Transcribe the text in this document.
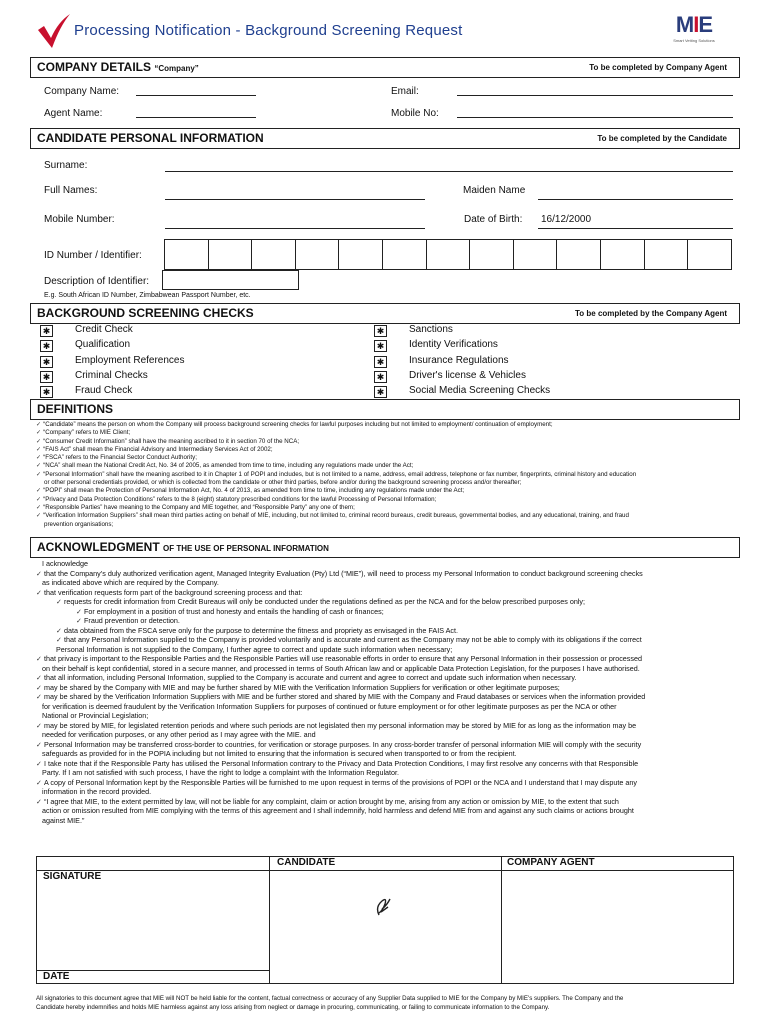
Processing Notification - Background Screening Request	MIE
Smart Vetting Solutions
COMPANY DETAILS “Company”	To be completed by Company Agent
Company Name:	Email:
Agent Name:	Mobile No:
CANDIDATE PERSONAL INFORMATION	To be completed by the Candidate
Surname:
Full Names:	Maiden Name
Mobile Number:	Date of Birth: 16/12/2000
ID Number / Identifier:
Description of Identifier:
E.g. South African ID Number, Zimbabwean Passport Number, etc.
BACKGROUND SCREENING CHECKS	To be completed by the Company Agent
✱ Credit Check
✱ Qualification
✱ Employment References
✱ Criminal Checks
✱ Fraud Check
✱ Sanctions
✱ Identity Verifications
✱ Insurance Regulations
✱ Driver's license & Vehicles
✱ Social Media Screening Checks
DEFINITIONS
✓ “Candidate” means the person on whom the Company will process background screening checks for lawful purposes including but not limited to employment/ continuation of employment;
✓ “Company” refers to MIE Client;
✓ “Consumer Credit Information” shall have the meaning ascribed to it in section 70 of the NCA;
✓ “FAIS Act” shall mean the Financial Advisory and Intermediary Services Act of 2002;
✓ “FSCA” refers to the Financial Sector Conduct Authority;
✓ “NCA” shall mean the National Credit Act, No. 34 of 2005, as amended from time to time, including any regulations made under the Act;
✓ “Personal Information” shall have the meaning ascribed to it in Chapter 1 of POPI and includes, but is not limited to a name, address, email address, telephone or fax number, fingerprints, criminal history and education
or other personal credentials provided, or which is collected from the candidate or other third parties, before and/or during the background screening process and/or thereafter;
✓ “POPI” shall mean the Protection of Personal Information Act, No. 4 of 2013, as amended from time to time, including any regulations made under the Act;
✓ “Privacy and Data Protection Conditions” refers to the 8 (eight) statutory prescribed conditions for the lawful Processing of Personal Information;
✓ “Responsible Parties” have meaning to the Company and MIE together, and “Responsible Party” any one of them;
✓ “Verification Information Suppliers” shall mean third parties acting on behalf of MIE, including, but not limited to, criminal record bureaus, credit bureaus, governmental bodies, and any educational, training, and fraud
prevention organisations;
ACKNOWLEDGMENT OF THE USE OF PERSONAL INFORMATION
I acknowledge
✓ that the Company’s duly authorized verification agent, Managed Integrity Evaluation (Pty) Ltd (“MIE”), will need to process my Personal Information to conduct background screening checks
as indicated above which are required by the Company.
✓ that verification requests form part of the background screening process and that:
✓ requests for credit information from Credit Bureaus will only be conducted under the regulations defined as per the NCA and for the below prescribed purposes only;
✓ For employment in a position of trust and honesty and entails the handling of cash or finances;
✓ Fraud prevention or detection.
✓ data obtained from the FSCA serve only for the purpose to determine the fitness and propriety as envisaged in the FAIS Act.
✓ that any Personal Information supplied to the Company is provided voluntarily and is accurate and current as the Company may not be able to comply with its obligations if the correct
Personal Information is not supplied to the Company, I further agree to correct and update such information when necessary;
✓ that privacy is important to the Responsible Parties and the Responsible Parties will use reasonable efforts in order to ensure that any Personal Information in their possession or processed
on their behalf is kept confidential, stored in a secure manner, and processed in terms of South African law and or applicable Data Protection Legislation, for the purposes I have authorised.
✓ that all information, including Personal Information, supplied to the Company is accurate and current and agree to correct and update such information when necessary.
✓ may be shared by the Company with MIE and may be further shared by MIE with the Verification Information Suppliers for verification or other legitimate purposes;
✓ may be shared by the Verification Information Suppliers with MIE and be further stored and shared by MIE with the Company and Fraud databases or services when the information provided
for verification is deemed fraudulent by the Verification Information Suppliers for purposes of continued or future employment or for other legitimate purposes as per the NCA or other
National or Provincial Legislation;
✓ may be stored by MIE, for legislated retention periods and where such periods are not legislated then my personal information may be stored by MIE for as long as the information may be
needed for verification purposes, or any other period as I may agree with the MIE. and
✓ Personal Information may be transferred cross-border to countries, for verification or storage purposes. In any cross-border transfer of personal information MIE will comply with the security
safeguards as provided for in the POPIA including but not limited to ensuring that the information is secured when transported to or from the recipient.
✓ I take note that if the Responsible Party has utilised the Personal Information contrary to the Privacy and Data Protection Conditions, I may first resolve any concerns with that Responsible
Party. If I am not satisfied with such process, I have the right to lodge a complaint with the Information Regulator.
✓ A copy of Personal Information kept by the Responsible Parties will be furnished to me upon request in terms of the provisions of POPI or the NCA and I understand that I may dispute any
information in the record provided.
✓ “I agree that MIE, to the extent permitted by law, will not be liable for any complaint, claim or action brought by me, arising from any action or omission by MIE, to the extent that such
action or omission resulted from MIE complying with the terms of this agreement and I shall indemnify, hold harmless and defend MIE from and against any such claims or actions brought
against MIE.”
CANDIDATE	COMPANY AGENT
SIGNATURE
DATE
All signatories to this document agree that MIE will NOT be held liable for the content, factual correctness or accuracy of any Supplier Data supplied to MIE for the Company by MIE's suppliers. The Company and the
Candidate hereby indemnifies and holds MIE harmless against any loss arising from neglect or damage in procuring, communicating, or failing to communicate information to the Company.
